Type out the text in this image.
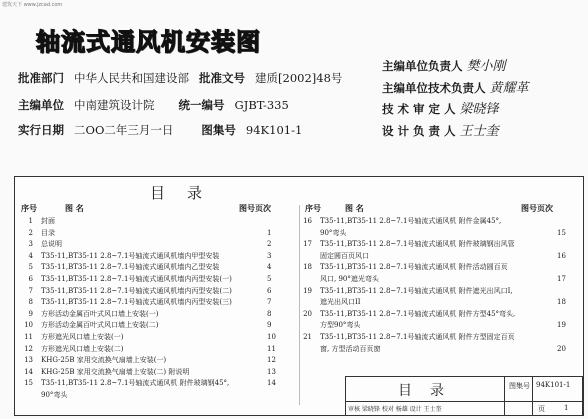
建筑天下 www.jzcad.com
轴流式通风机安装图
批准部门 中华人民共和国建设部 批准文号 建质[2002]48号
主编单位 中南建筑设计院 统一编号 GJBT-335
实行日期 二OO二年三月一日 图集号 94K101-1
主编单位负责人 樊小刚
主编单位技术负责人 黄耀革
技 术 审 定 人 梁晓锋
设 计 负 责 人 王士奎
目录
序号	图 名	图号页次	序号	图 名	图号页次
1 封面
2 目录	1
3 总说明	2
4 T35-11,BT35-11 2.8~7.1号轴流式通风机墙内甲型安装	3
5 T35-11,BT35-11 2.8~7.1号轴流式通风机墙内乙型安装	4
6 T35-11,BT35-11 2.8~7.1号轴流式通风机墙内丙型安装(一)	5
7 T35-11,BT35-11 2.8~7.1号轴流式通风机墙内丙型安装(二)	6
8 T35-11,BT35-11 2.8~7.1号轴流式通风机墙内丙型安装(三)	7
9 方形活动金属百叶式风口墙上安装(一)	8
10 方形活动金属百叶式风口墙上安装(二)	9
11 方形遮光风口墙上安装(一)	10
12 方形遮光风口墙上安装(二)	11
13 KHG-25B 家用交流换气扇墙上安装(一)	12
14 KHG-25B 家用交流换气扇墙上安装(二) 附说明	13
15 T35-11,BT35-11 2.8~7.1号轴流式通风机 附件玻璃钢45°,	14
90°弯头
16 T35-11,BT35-11 2.8~7.1号轴流式通风机 附件金属45°,
90°弯头	15
17 T35-11,BT35-11 2.8~7.1号轴流式通风机 附件玻璃钢出风管
固定圆百页风口	16
18 T35-11,BT35-11 2.8~7.1号轴流式通风机 附件活动圆百页
风口, 90°遮光弯头	17
19 T35-11,BT35-11 2.8~7.1号轴流式通风机 附件遮光出风口I,
遮光出风口II	18
20 T35-11,BT35-11 2.8~7.1号轴流式通风机 附件方型45°弯头,
方型90°弯头	19
21 T35-11,BT35-11 2.8~7.1号轴流式通风机 附件方型固定百页
窗, 方型活动百页窗	20
目录	图集号 94K101-1
审核 梁晓锋 校对 杨雄 设计 王士奎	页	1
